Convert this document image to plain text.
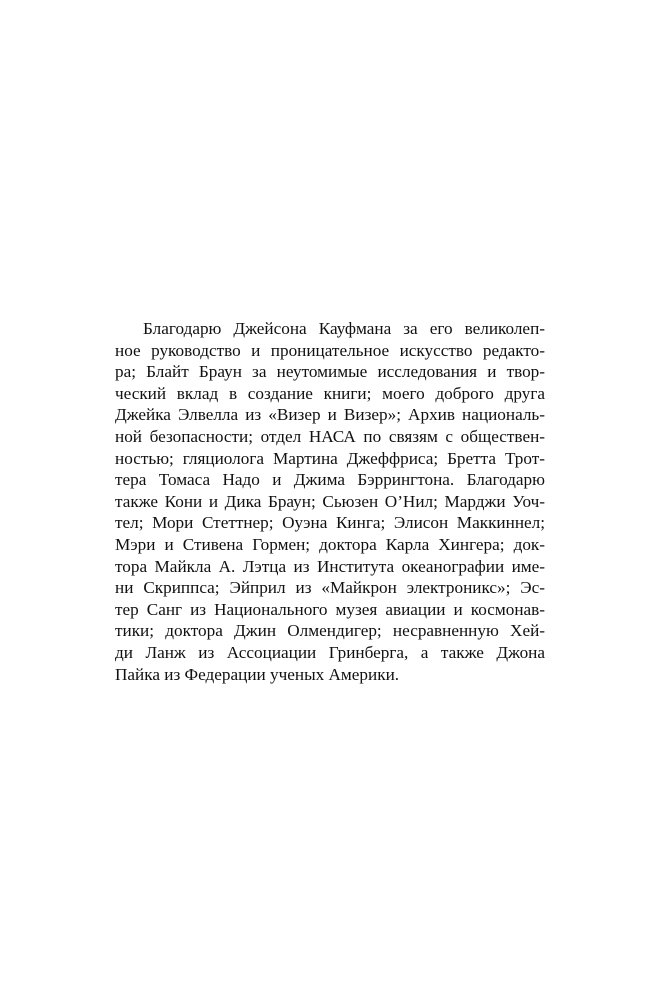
Благодарю Джейсона Кауфмана за его великолеп-
ное руководство и проницательное искусство редакто-
ра; Блайт Браун за неутомимые исследования и твор-
ческий вклад в создание книги; моего доброго друга
Джейка Элвелла из «Визер и Визер»; Архив националь-
ной безопасности; отдел НАСА по связям с обществен-
ностью; гляциолога Мартина Джеффриса; Бретта Трот-
тера Томаса Надо и Джима Бэррингтона. Благодарю
также Кони и Дика Браун; Сьюзен О’Нил; Марджи Уоч-
тел; Мори Стеттнер; Оуэна Кинга; Элисон Маккиннел;
Мэри и Стивена Гормен; доктора Карла Хингера; док-
тора Майкла А. Лэтца из Института океанографии име-
ни Скриппса; Эйприл из «Майкрон электроникс»; Эс-
тер Санг из Национального музея авиации и космонав-
тики; доктора Джин Олмендигер; несравненную Хей-
ди Ланж из Ассоциации Гринберга, а также Джона
Пайка из Федерации ученых Америки.
